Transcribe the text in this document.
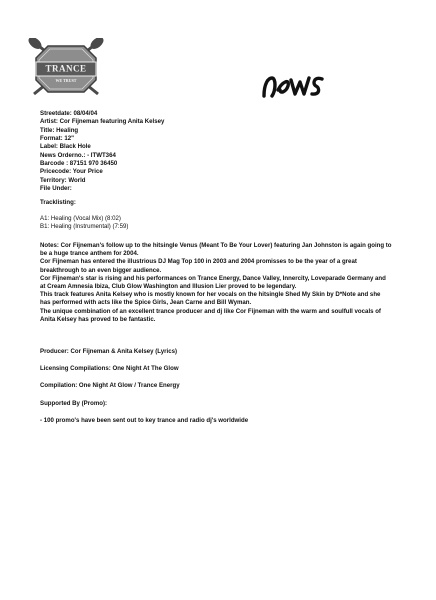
TRANCE
WE TRUST
Streetdate: 08/04/04
Artist: Cor Fijneman featuring Anita Kelsey
Title: Healing
Format: 12"
Label: Black Hole
News Orderno.: - ITWT364
Barcode : 87151 970 36450
Pricecode: Your Price
Territory: World
File Under:
Tracklisting:
A1: Healing (Vocal Mix) (8:02)
B1: Healing (Instrumental) (7:59)
Notes: Cor Fijneman's follow up to the hitsingle Venus (Meant To Be Your Lover) featuring Jan Johnston is again going to be a huge trance anthem for 2004.
Cor Fijneman has entered the illustrious DJ Mag Top 100 in 2003 and 2004 promisses to be the year of a great breakthrough to an even bigger audience.
Cor Fijneman's star is rising and his performances on Trance Energy, Dance Valley, Innercity, Loveparade Germany and at Cream Amnesia Ibiza, Club Glow Washington and Illusion Lier proved to be legendary.
This track features Anita Kelsey who is mostly known for her vocals on the hitsingle Shed My Skin by D*Note and she has performed with acts like the Spice Girls, Jean Carne and Bill Wyman.
The unique combination of an excellent trance producer and dj like Cor Fijneman with the warm and soulfull vocals of Anita Kelsey has proved to be fantastic.
Producer: Cor Fijneman & Anita Kelsey (Lyrics)
Licensing Compilations: One Night At The Glow
Compilation: One Night At Glow / Trance Energy
Supported By (Promo):
- 100 promo's have been sent out to key trance and radio dj's worldwide
